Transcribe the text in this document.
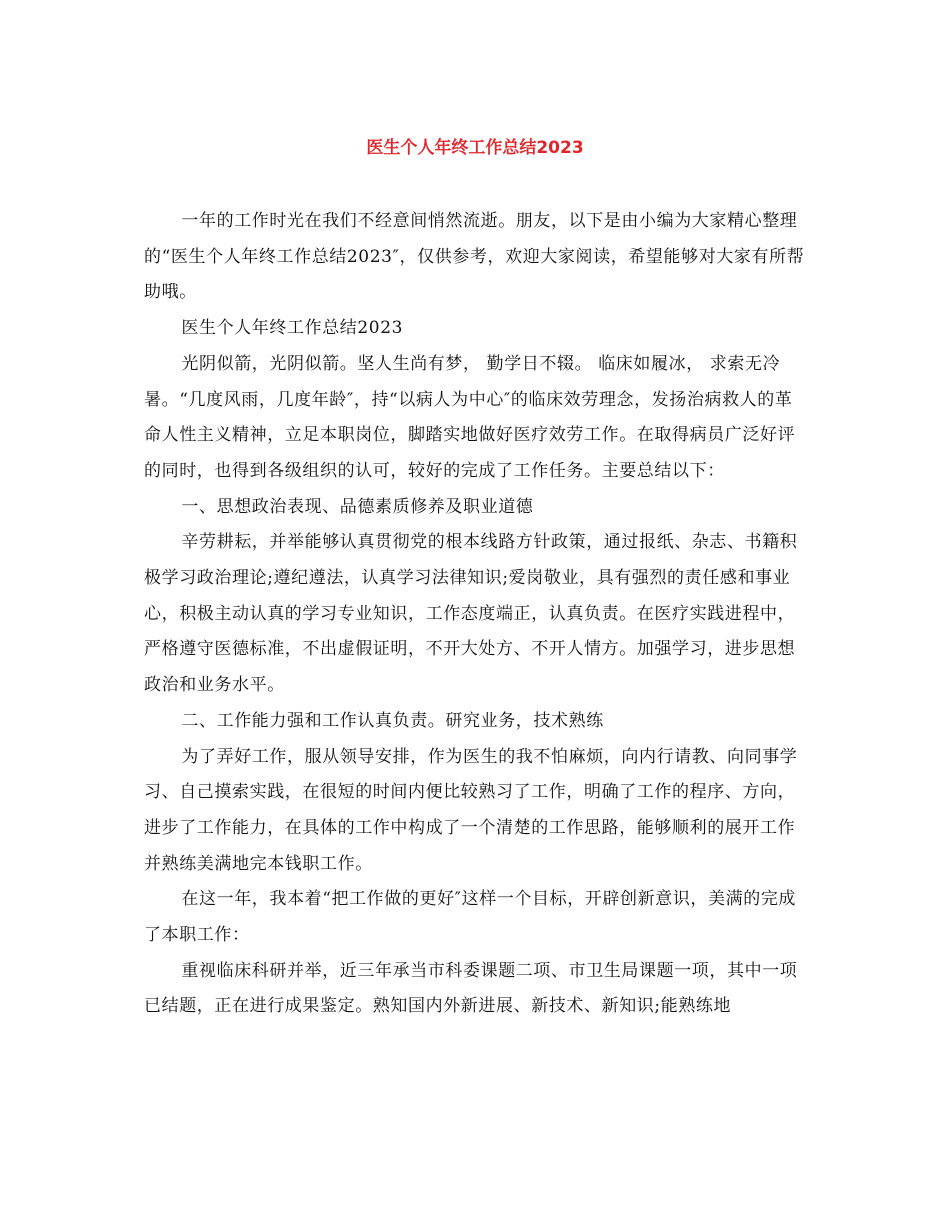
医生个人年终工作总结2023

一年的工作时光在我们不经意间悄然流逝。朋友，以下是由小编为大家精心整理的“医生个人年终工作总结2023″，仅供参考，欢迎大家阅读，希望能够对大家有所帮助哦。

医生个人年终工作总结2023

光阴似箭，光阴似箭。坚人生尚有梦， 勤学日不辍。 临床如履冰， 求索无冷暑。“几度风雨，几度年龄″，持“以病人为中心″的临床效劳理念，发扬治病救人的革命人性主义精神，立足本职岗位，脚踏实地做好医疗效劳工作。在取得病员广泛好评的同时，也得到各级组织的认可，较好的完成了工作任务。主要总结以下：

一、思想政治表现、品德素质修养及职业道德

辛劳耕耘，并举能够认真贯彻党的根本线路方针政策，通过报纸、杂志、书籍积极学习政治理论;遵纪遵法，认真学习法律知识;爱岗敬业，具有强烈的责任感和事业心，积极主动认真的学习专业知识，工作态度端正，认真负责。在医疗实践进程中，严格遵守医德标准，不出虚假证明，不开大处方、不开人情方。加强学习，进步思想政治和业务水平。

二、工作能力强和工作认真负责。研究业务，技术熟练

为了弄好工作，服从领导安排，作为医生的我不怕麻烦，向内行请教、向同事学习、自己摸索实践，在很短的时间内便比较熟习了工作，明确了工作的程序、方向，进步了工作能力，在具体的工作中构成了一个清楚的工作思路，能够顺利的展开工作并熟练美满地完本钱职工作。

在这一年，我本着“把工作做的更好″这样一个目标，开辟创新意识，美满的完成了本职工作：

重视临床科研并举，近三年承当市科委课题二项、市卫生局课题一项，其中一项已结题，正在进行成果鉴定。熟知国内外新进展、新技术、新知识;能熟练地
